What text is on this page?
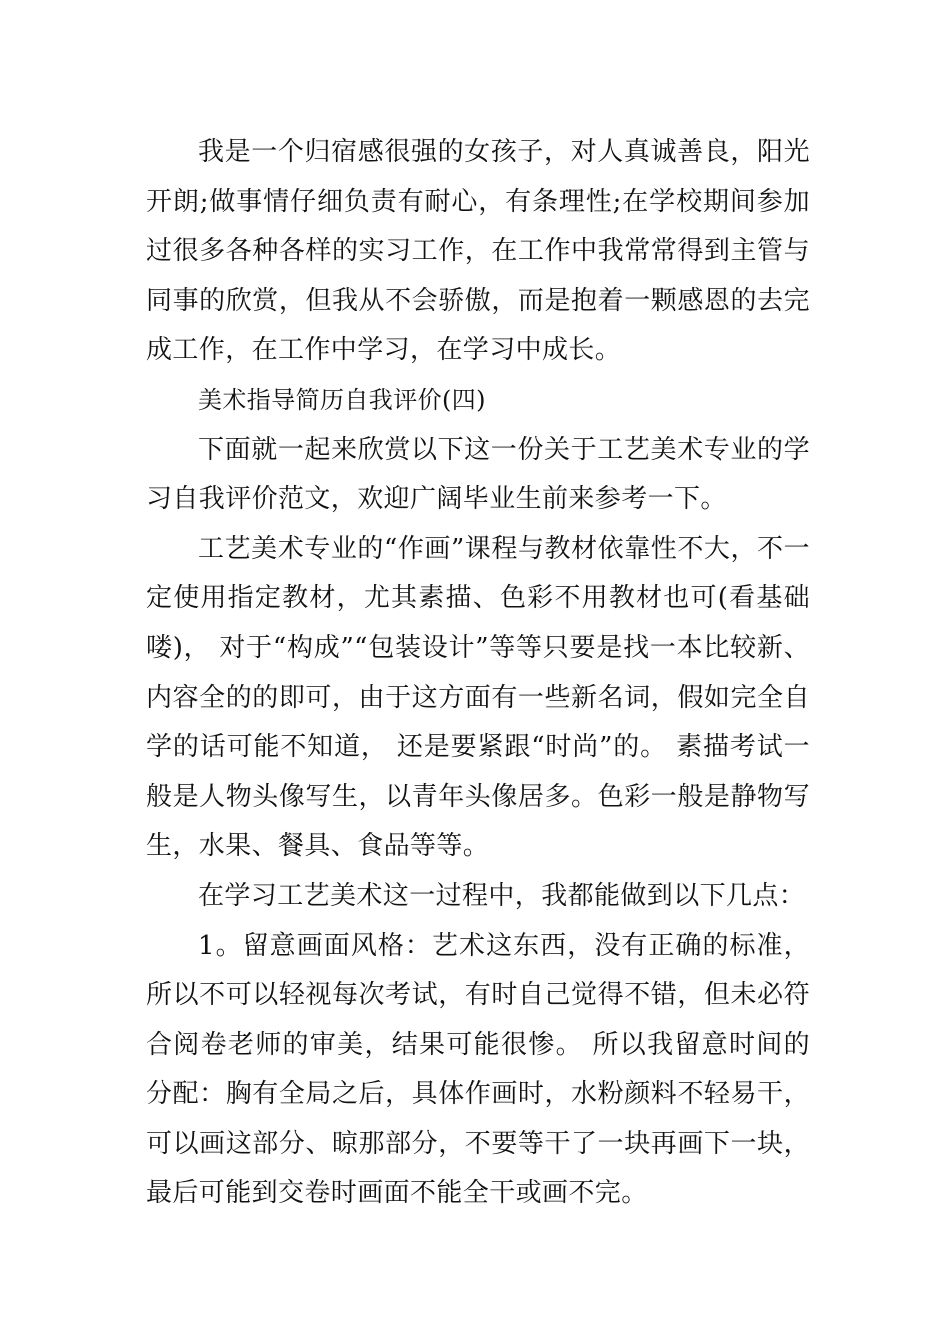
我是一个归宿感很强的女孩子，对人真诚善良，阳光开朗;做事情仔细负责有耐心，有条理性;在学校期间参加过很多各种各样的实习工作，在工作中我常常得到主管与同事的欣赏，但我从不会骄傲，而是抱着一颗感恩的去完成工作，在工作中学习，在学习中成长。

美术指导简历自我评价(四)

下面就一起来欣赏以下这一份关于工艺美术专业的学习自我评价范文，欢迎广阔毕业生前来参考一下。

工艺美术专业的“作画”课程与教材依靠性不大，不一定使用指定教材，尤其素描、色彩不用教材也可(看基础喽)， 对于“构成”“包装设计”等等只要是找一本比较新、内容全的的即可，由于这方面有一些新名词，假如完全自学的话可能不知道， 还是要紧跟“时尚”的。 素描考试一般是人物头像写生，以青年头像居多。色彩一般是静物写生，水果、餐具、食品等等。

在学习工艺美术这一过程中，我都能做到以下几点：

1。留意画面风格：艺术这东西，没有正确的标准，所以不可以轻视每次考试，有时自己觉得不错，但未必符合阅卷老师的审美，结果可能很惨。 所以我留意时间的分配：胸有全局之后，具体作画时，水粉颜料不轻易干，可以画这部分、晾那部分，不要等干了一块再画下一块， 最后可能到交卷时画面不能全干或画不完。
